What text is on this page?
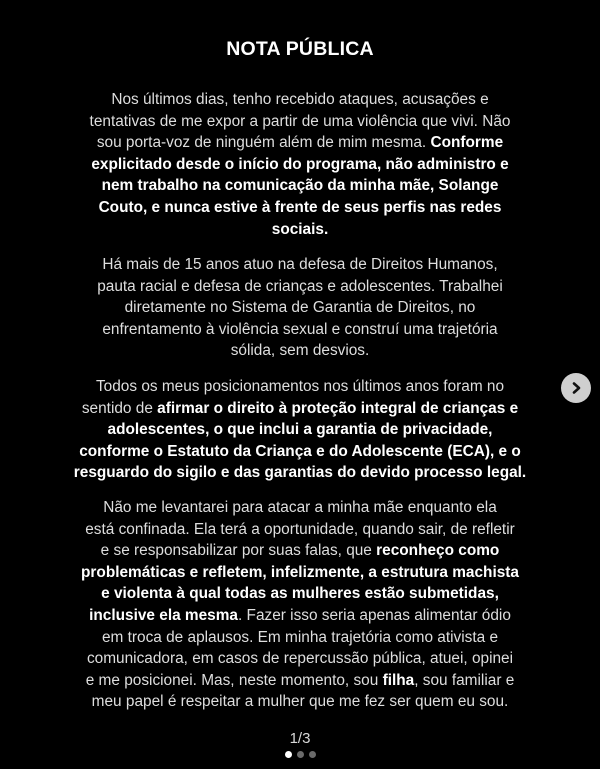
NOTA PÚBLICA
Nos últimos dias, tenho recebido ataques, acusações e
tentativas de me expor a partir de uma violência que vivi. Não
sou porta-voz de ninguém além de mim mesma. Conforme
explicitado desde o início do programa, não administro e
nem trabalho na comunicação da minha mãe, Solange
Couto, e nunca estive à frente de seus perfis nas redes
sociais.
Há mais de 15 anos atuo na defesa de Direitos Humanos,
pauta racial e defesa de crianças e adolescentes. Trabalhei
diretamente no Sistema de Garantia de Direitos, no
enfrentamento à violência sexual e construí uma trajetória
sólida, sem desvios.
Todos os meus posicionamentos nos últimos anos foram no
sentido de afirmar o direito à proteção integral de crianças e
adolescentes, o que inclui a garantia de privacidade,
conforme o Estatuto da Criança e do Adolescente (ECA), e o
resguardo do sigilo e das garantias do devido processo legal.
Não me levantarei para atacar a minha mãe enquanto ela
está confinada. Ela terá a oportunidade, quando sair, de refletir
e se responsabilizar por suas falas, que reconheço como
problemáticas e refletem, infelizmente, a estrutura machista
e violenta à qual todas as mulheres estão submetidas,
inclusive ela mesma. Fazer isso seria apenas alimentar ódio
em troca de aplausos. Em minha trajetória como ativista e
comunicadora, em casos de repercussão pública, atuei, opinei
e me posicionei. Mas, neste momento, sou filha, sou familiar e
meu papel é respeitar a mulher que me fez ser quem eu sou.
1/3
